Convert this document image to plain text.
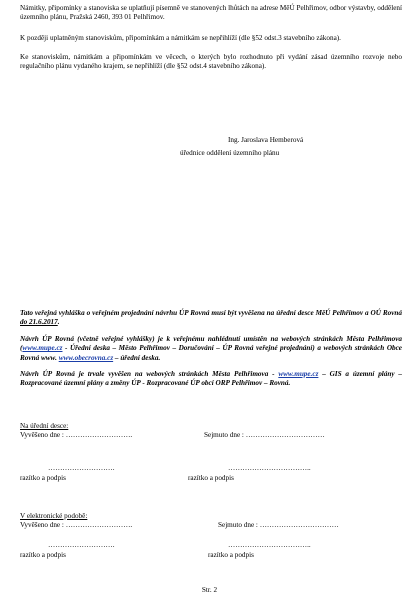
Námitky, připomínky a stanoviska se uplatňují písemně ve stanovených lhůtách na adrese MěÚ Pelhřimov, odbor výstavby, oddělení územního plánu, Pražská 2460, 393 01 Pelhřimov.
K později uplatněným stanoviskům, připomínkám a námitkám se nepřihlíží (dle §52 odst.3 stavebního zákona).
Ke stanoviskům, námitkám a připomínkám ve věcech, o kterých bylo rozhodnuto při vydání zásad územního rozvoje nebo regulačního plánu vydaného krajem, se nepřihlíží (dle §52 odst.4 stavebního zákona).
Ing. Jaroslava Hemberová
úřednice oddělení územního plánu
Tato veřejná vyhláška o veřejném projednání návrhu ÚP Rovná musí být vyvěšena na úřední desce MěÚ Pelhřimov a OÚ Rovná do 21.6.2017.
Návrh ÚP Rovná (včetně veřejné vyhlášky) je k veřejnému nahlédnutí umístěn na webových stránkách Města Pelhřimova (www.mupe.cz - Úřední deska – Město Pelhřimov – Doručování – ÚP Rovná veřejné projednání) a webových stránkách Obce Rovná www. www.obecrovna.cz – úřední deska.
Návrh ÚP Rovná je trvale vyvěšen na webových stránkách Města Pelhřimova - www.mupe.cz – GIS a územní plány – Rozpracované územní plány a změny ÚP - Rozpracované ÚP obcí ORP Pelhřimov – Rovná.
Na úřední desce:
Vyvěšeno dne : ……………………….	Sejmuto dne : ……………………………
……………………….	……………………………..
razítko a podpis	razítko a podpis
V elektronické podobě:
Vyvěšeno dne : ……………………….	Sejmuto dne : ……………………………
……………………….	……………………………..
razítko a podpis	razítko a podpis
Str. 2
